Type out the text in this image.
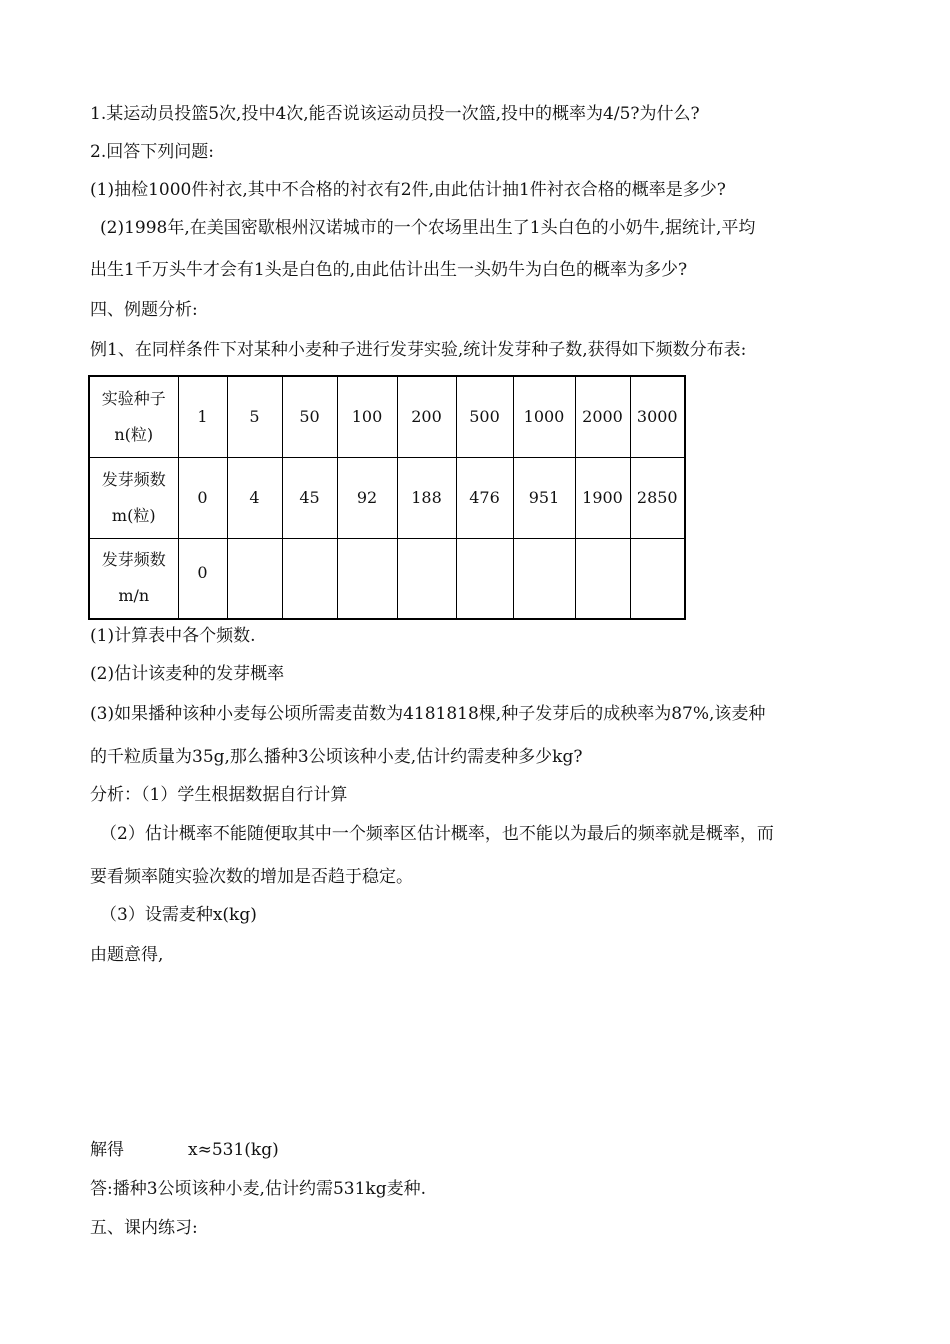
1.某运动员投篮5次,投中4次,能否说该运动员投一次篮,投中的概率为4/5?为什么?
2.回答下列问题:
(1)抽检1000件衬衣,其中不合格的衬衣有2件,由此估计抽1件衬衣合格的概率是多少?
(2)1998年,在美国密歇根州汉诺城市的一个农场里出生了1头白色的小奶牛,据统计,平均
出生1千万头牛才会有1头是白色的,由此估计出生一头奶牛为白色的概率为多少?
四、例题分析:
例1、在同样条件下对某种小麦种子进行发芽实验,统计发芽种子数,获得如下频数分布表:
实验种子
n(粒)	1	5	50	100	200	500	1000	2000	3000

发芽频数
m(粒)	0	4	45	92	188	476	951	1900	2850

发芽频数
m/n	0								
(1)计算表中各个频数.
(2)估计该麦种的发芽概率
(3)如果播种该种小麦每公顷所需麦苗数为4181818棵,种子发芽后的成秧率为87%,该麦种
的千粒质量为35g,那么播种3公顷该种小麦,估计约需麦种多少kg?
分析：（1）学生根据数据自行计算
（2）估计概率不能随便取其中一个频率区估计概率，也不能以为最后的频率就是概率，而
要看频率随实验次数的增加是否趋于稳定。
（3）设需麦种x(kg)
由题意得,
解得	x≈531(kg)
答:播种3公顷该种小麦,估计约需531kg麦种.
五、课内练习:
